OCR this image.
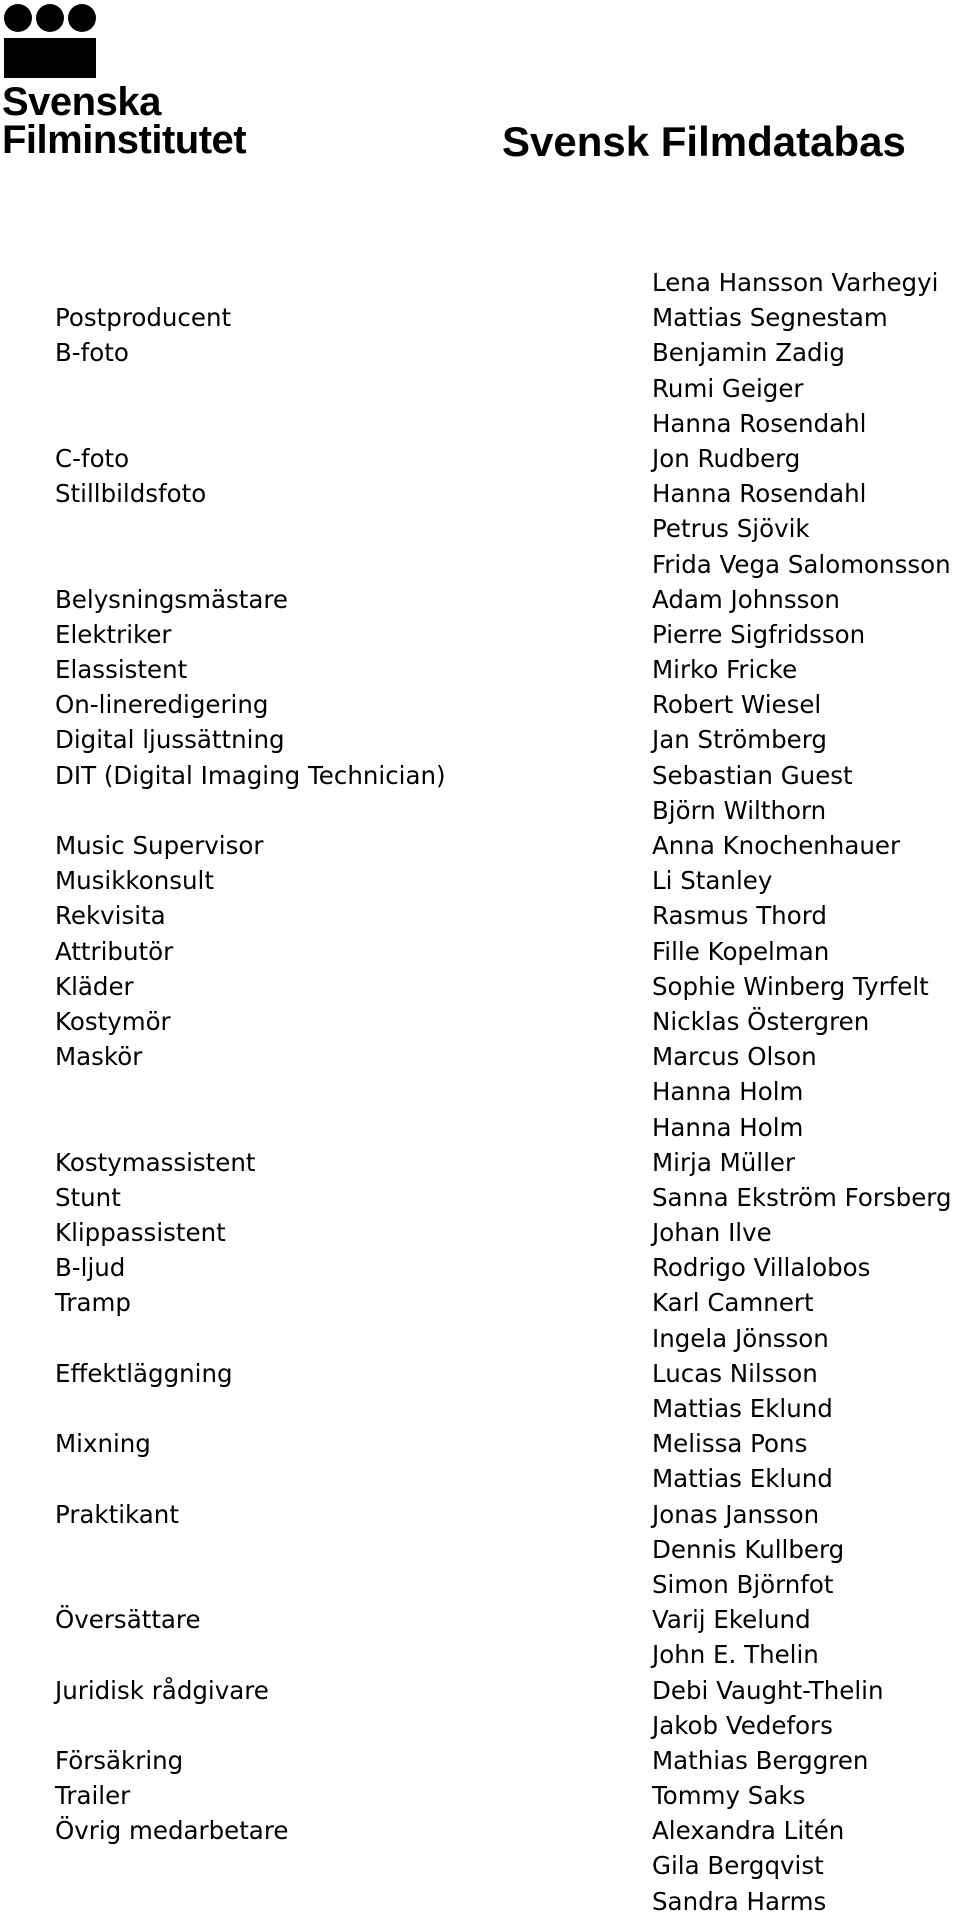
Svenska
Filminstitutet	Svensk Filmdatabas
Postproducent
B-foto
C-foto
Stillbildsfoto
Belysningsmästare
Elektriker
Elassistent
On-lineredigering
Digital ljussättning
DIT (Digital Imaging Technician)
Music Supervisor
Musikkonsult
Rekvisita
Attributör
Kläder
Kostymör
Maskör
Kostymassistent
Stunt
Klippassistent
B-ljud
Tramp
Effektläggning
Mixning
Praktikant
Översättare
Juridisk rådgivare
Försäkring
Trailer
Övrig medarbetare
Lena Hansson Varhegyi
Mattias Segnestam
Benjamin Zadig
Rumi Geiger
Hanna Rosendahl
Jon Rudberg
Hanna Rosendahl
Petrus Sjövik
Frida Vega Salomonsson
Adam Johnsson
Pierre Sigfridsson
Mirko Fricke
Robert Wiesel
Jan Strömberg
Sebastian Guest
Björn Wilthorn
Anna Knochenhauer
Li Stanley
Rasmus Thord
Fille Kopelman
Sophie Winberg Tyrfelt
Nicklas Östergren
Marcus Olson
Hanna Holm
Hanna Holm
Mirja Müller
Sanna Ekström Forsberg
Johan Ilve
Rodrigo Villalobos
Karl Camnert
Ingela Jönsson
Lucas Nilsson
Mattias Eklund
Melissa Pons
Mattias Eklund
Jonas Jansson
Dennis Kullberg
Simon Björnfot
Varij Ekelund
John E. Thelin
Debi Vaught-Thelin
Jakob Vedefors
Mathias Berggren
Tommy Saks
Alexandra Litén
Gila Bergqvist
Sandra Harms
